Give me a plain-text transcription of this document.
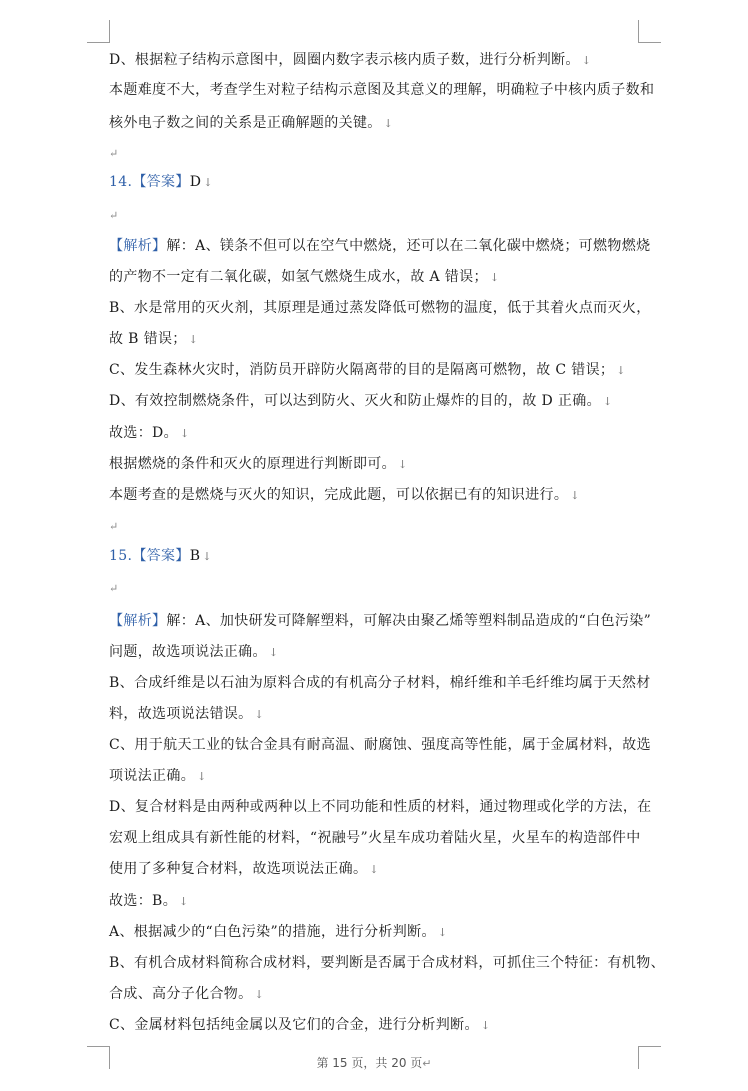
D、根据粒子结构示意图中，圆圈内数字表示核内质子数，进行分析判断。 ↓
本题难度不大，考查学生对粒子结构示意图及其意义的理解，明确粒子中核内质子数和
核外电子数之间的关系是正确解题的关键。 ↓
↵
14.【答案】D ↓
↵
【解析】解：A、镁条不但可以在空气中燃烧，还可以在二氧化碳中燃烧；可燃物燃烧
的产物不一定有二氧化碳，如氢气燃烧生成水，故 A 错误； ↓
B、水是常用的灭火剂，其原理是通过蒸发降低可燃物的温度，低于其着火点而灭火，
故 B 错误； ↓
C、发生森林火灾时，消防员开辟防火隔离带的目的是隔离可燃物，故 C 错误； ↓
D、有效控制燃烧条件，可以达到防火、灭火和防止爆炸的目的，故 D 正确。 ↓
故选：D。 ↓
根据燃烧的条件和灭火的原理进行判断即可。 ↓
本题考查的是燃烧与灭火的知识，完成此题，可以依据已有的知识进行。 ↓
↵
15.【答案】B ↓
↵
【解析】解：A、加快研发可降解塑料，可解决由聚乙烯等塑料制品造成的“白色污染”
问题，故选项说法正确。 ↓
B、合成纤维是以石油为原料合成的有机高分子材料，棉纤维和羊毛纤维均属于天然材
料，故选项说法错误。 ↓
C、用于航天工业的钛合金具有耐高温、耐腐蚀、强度高等性能，属于金属材料，故选
项说法正确。 ↓
D、复合材料是由两种或两种以上不同功能和性质的材料，通过物理或化学的方法，在
宏观上组成具有新性能的材料，“祝融号”火星车成功着陆火星，火星车的构造部件中
使用了多种复合材料，故选项说法正确。 ↓
故选：B。 ↓
A、根据减少的“白色污染”的措施，进行分析判断。 ↓
B、有机合成材料简称合成材料，要判断是否属于合成材料，可抓住三个特征：有机物、
合成、高分子化合物。 ↓
C、金属材料包括纯金属以及它们的合金，进行分析判断。 ↓
第 15 页，共 20 页↵
